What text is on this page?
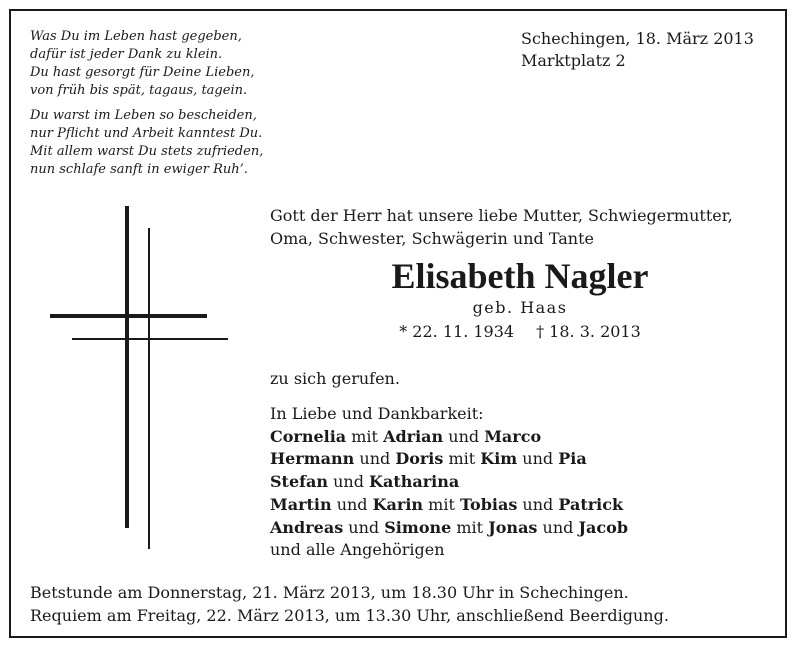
Was Du im Leben hast gegeben,
dafür ist jeder Dank zu klein.
Du hast gesorgt für Deine Lieben,
von früh bis spät, tagaus, tagein.
Du warst im Leben so bescheiden,
nur Pflicht und Arbeit kanntest Du.
Mit allem warst Du stets zufrieden,
nun schlafe sanft in ewiger Ruh’.
Schechingen, 18. März 2013
Marktplatz 2
Gott der Herr hat unsere liebe Mutter, Schwiegermutter,
Oma, Schwester, Schwägerin und Tante
Elisabeth Nagler
geb. Haas
* 22. 11. 1934 † 18. 3. 2013
zu sich gerufen.
In Liebe und Dankbarkeit:
Cornelia mit Adrian und Marco
Hermann und Doris mit Kim und Pia
Stefan und Katharina
Martin und Karin mit Tobias und Patrick
Andreas und Simone mit Jonas und Jacob
und alle Angehörigen
Betstunde am Donnerstag, 21. März 2013, um 18.30 Uhr in Schechingen.
Requiem am Freitag, 22. März 2013, um 13.30 Uhr, anschließend Beerdigung.
